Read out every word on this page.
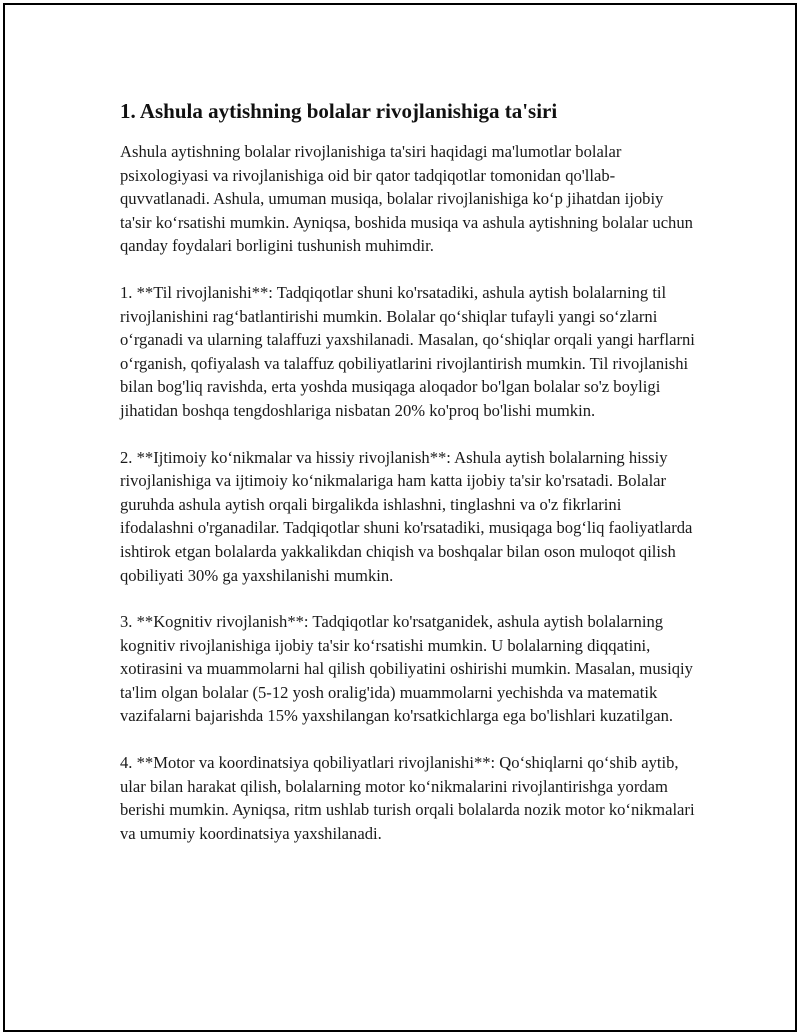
1. Ashula aytishning bolalar rivojlanishiga ta'siri

Ashula aytishning bolalar rivojlanishiga ta'siri haqidagi ma'lumotlar bolalar psixologiyasi va rivojlanishiga oid bir qator tadqiqotlar tomonidan qo'llab-quvvatlanadi. Ashula, umuman musiqa, bolalar rivojlanishiga ko‘p jihatdan ijobiy ta'sir ko‘rsatishi mumkin. Ayniqsa, boshida musiqa va ashula aytishning bolalar uchun qanday foydalari borligini tushunish muhimdir.

1. **Til rivojlanishi**: Tadqiqotlar shuni ko'rsatadiki, ashula aytish bolalarning til rivojlanishini rag‘batlantirishi mumkin. Bolalar qo‘shiqlar tufayli yangi so‘zlarni o‘rganadi va ularning talaffuzi yaxshilanadi. Masalan, qo‘shiqlar orqali yangi harflarni o‘rganish, qofiyalash va talaffuz qobiliyatlarini rivojlantirish mumkin. Til rivojlanishi bilan bog'liq ravishda, erta yoshda musiqaga aloqador bo'lgan bolalar so'z boyligi jihatidan boshqa tengdoshlariga nisbatan 20% ko'proq bo'lishi mumkin.

2. **Ijtimoiy ko‘nikmalar va hissiy rivojlanish**: Ashula aytish bolalarning hissiy rivojlanishiga va ijtimoiy ko‘nikmalariga ham katta ijobiy ta'sir ko'rsatadi. Bolalar guruhda ashula aytish orqali birgalikda ishlashni, tinglashni va o'z fikrlarini ifodalashni o'rganadilar. Tadqiqotlar shuni ko'rsatadiki, musiqaga bog‘liq faoliyatlarda ishtirok etgan bolalarda yakkalikdan chiqish va boshqalar bilan oson muloqot qilish qobiliyati 30% ga yaxshilanishi mumkin.

3. **Kognitiv rivojlanish**: Tadqiqotlar ko'rsatganidek, ashula aytish bolalarning kognitiv rivojlanishiga ijobiy ta'sir ko‘rsatishi mumkin. U bolalarning diqqatini, xotirasini va muammolarni hal qilish qobiliyatini oshirishi mumkin. Masalan, musiqiy ta'lim olgan bolalar (5-12 yosh oralig'ida) muammolarni yechishda va matematik vazifalarni bajarishda 15% yaxshilangan ko'rsatkichlarga ega bo'lishlari kuzatilgan.

4. **Motor va koordinatsiya qobiliyatlari rivojlanishi**: Qo‘shiqlarni qo‘shib aytib, ular bilan harakat qilish, bolalarning motor ko‘nikmalarini rivojlantirishga yordam berishi mumkin. Ayniqsa, ritm ushlab turish orqali bolalarda nozik motor ko‘nikmalari va umumiy koordinatsiya yaxshilanadi.
